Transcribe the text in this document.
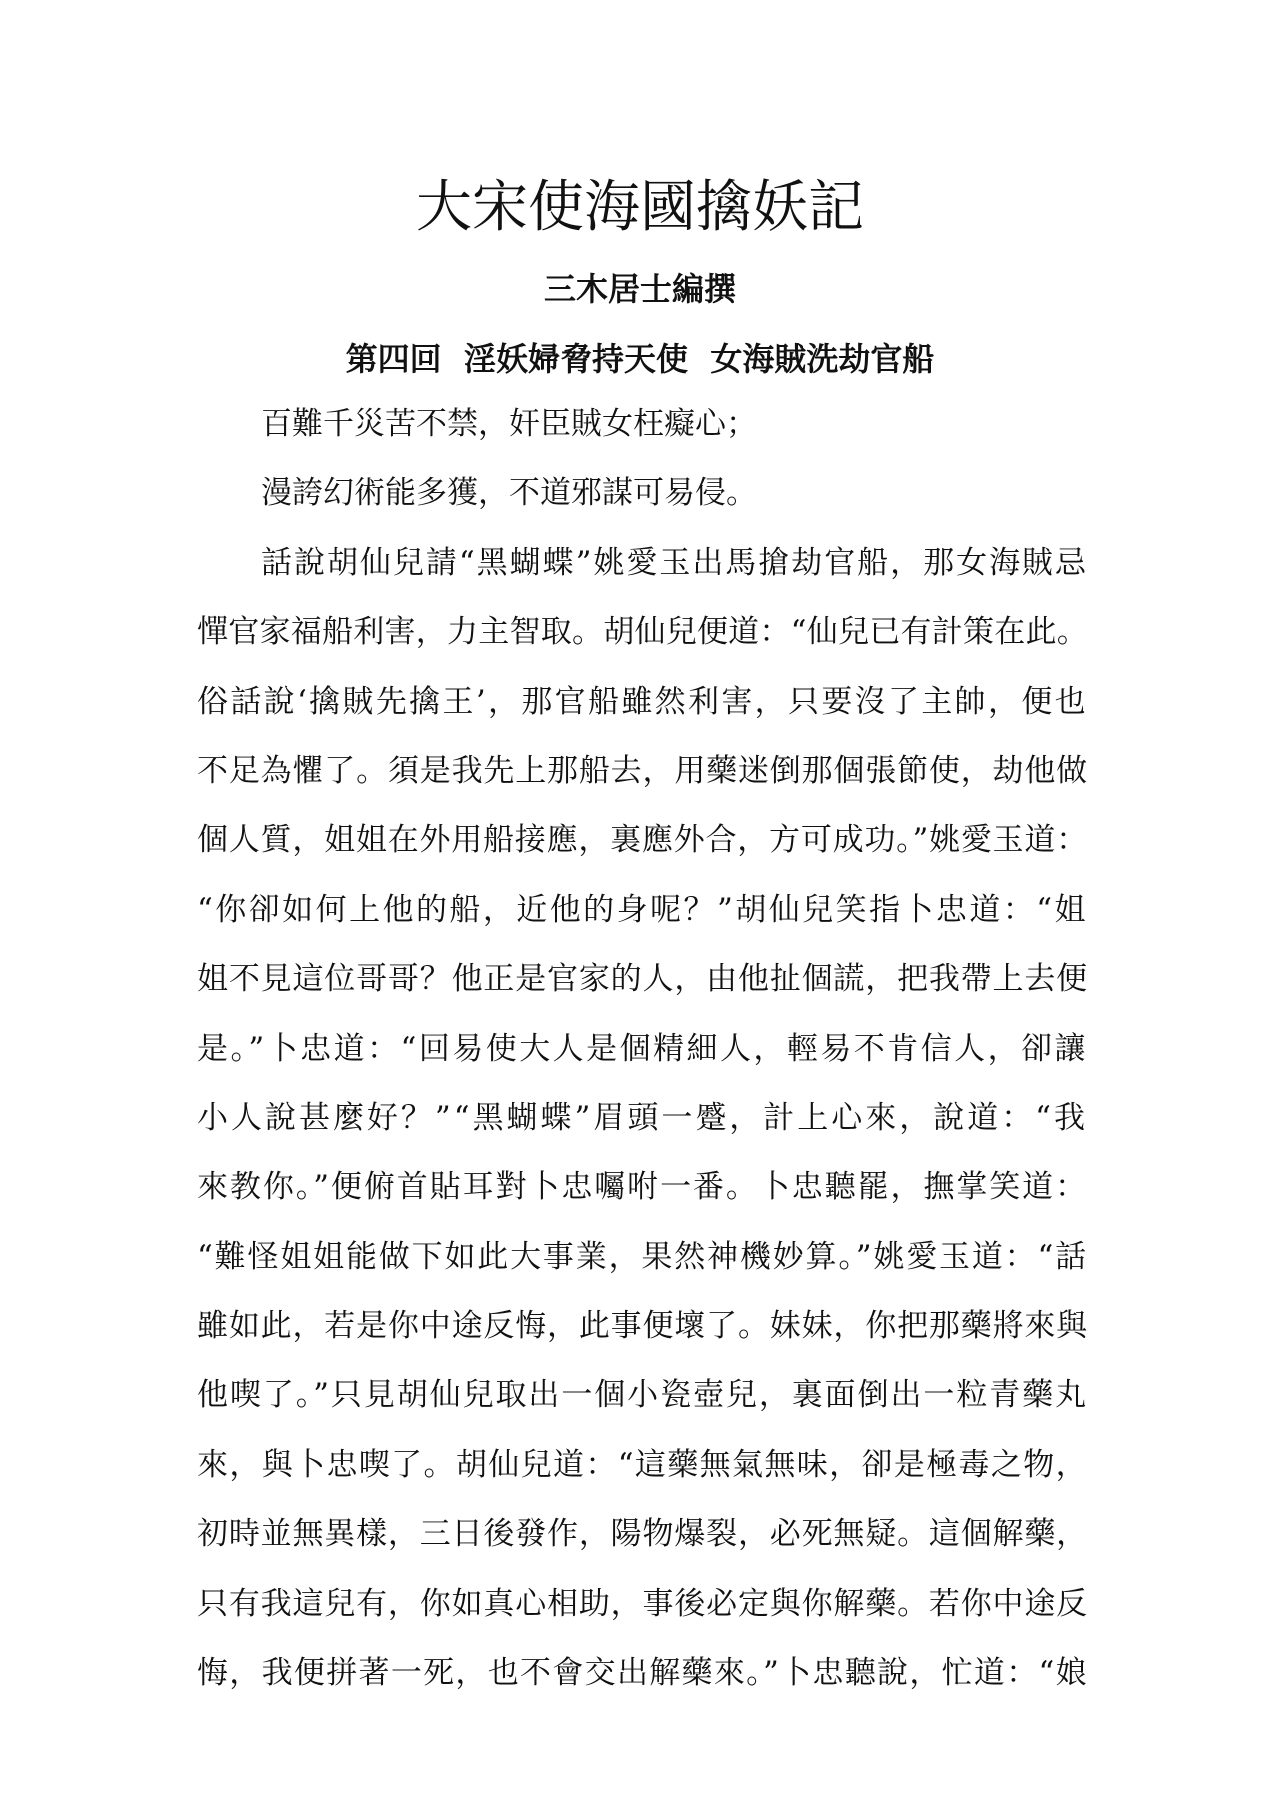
大宋使海國擒妖記
三木居士編撰
第四回 淫妖婦脅持天使 女海賊洗劫官船
百難千災苦不禁，奸臣賊女枉癡心；
漫誇幻術能多獲，不道邪謀可易侵。
話說胡仙兒請“黑蝴蝶”姚愛玉出馬搶劫官船，那女海賊忌
憚官家福船利害，力主智取。胡仙兒便道：“仙兒已有計策在此。
俗話說‘擒賊先擒王’，那官船雖然利害，只要沒了主帥，便也
不足為懼了。須是我先上那船去，用藥迷倒那個張節使，劫他做
個人質，姐姐在外用船接應，裏應外合，方可成功。”姚愛玉道：
“你卻如何上他的船，近他的身呢？”胡仙兒笑指卜忠道：“姐
姐不見這位哥哥？他正是官家的人，由他扯個謊，把我帶上去便
是。”卜忠道：“回易使大人是個精細人，輕易不肯信人，卻讓
小人說甚麼好？”“黑蝴蝶”眉頭一蹙，計上心來，說道：“我
來教你。”便俯首貼耳對卜忠囑咐一番。卜忠聽罷，撫掌笑道：
“難怪姐姐能做下如此大事業，果然神機妙算。”姚愛玉道：“話
雖如此，若是你中途反悔，此事便壞了。妹妹，你把那藥將來與
他喫了。”只見胡仙兒取出一個小瓷壺兒，裏面倒出一粒青藥丸
來，與卜忠喫了。胡仙兒道：“這藥無氣無味，卻是極毒之物，
初時並無異樣，三日後發作，陽物爆裂，必死無疑。這個解藥，
只有我這兒有，你如真心相助，事後必定與你解藥。若你中途反
悔，我便拼著一死，也不會交出解藥來。”卜忠聽說，忙道：“娘
